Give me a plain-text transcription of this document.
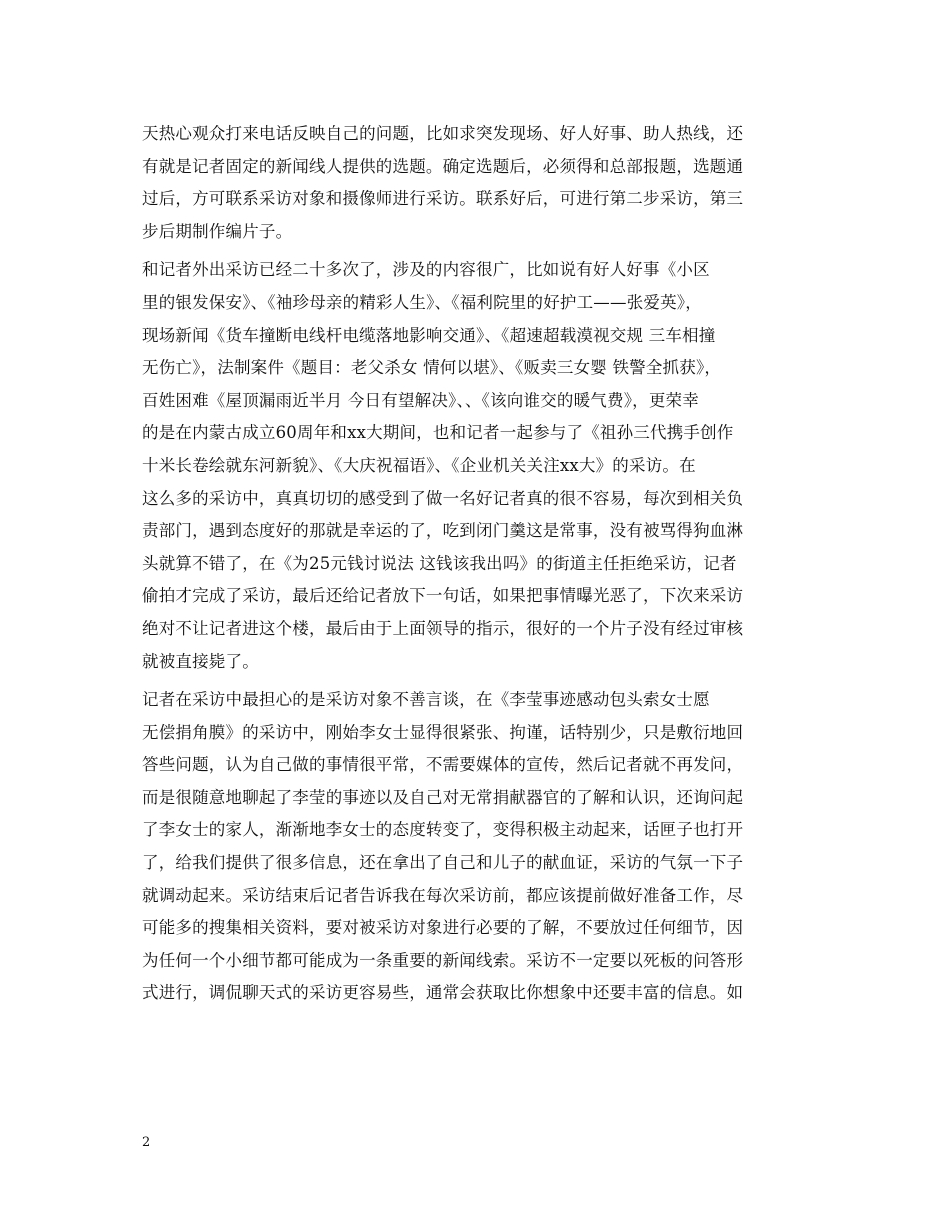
天热心观众打来电话反映自己的问题，比如求突发现场、好人好事、助人热线，还
有就是记者固定的新闻线人提供的选题。确定选题后，必须得和总部报题，选题通
过后，方可联系采访对象和摄像师进行采访。联系好后，可进行第二步采访，第三
步后期制作编片子。
和记者外出采访已经二十多次了，涉及的内容很广，比如说有好人好事《小区
里的银发保安》、《袖珍母亲的精彩人生》、《福利院里的好护工——张爱英》，
现场新闻《货车撞断电线杆电缆落地影响交通》、《超速超载漠视交规 三车相撞
无伤亡》，法制案件《题目：老父杀女 情何以堪》、《贩卖三女婴 铁警全抓获》，
百姓困难《屋顶漏雨近半月 今日有望解决》、、《该向谁交的暖气费》，更荣幸
的是在内蒙古成立60周年和xx大期间，也和记者一起参与了《祖孙三代携手创作
十米长卷绘就东河新貌》、《大庆祝福语》、《企业机关关注xx大》的采访。在
这么多的采访中，真真切切的感受到了做一名好记者真的很不容易，每次到相关负
责部门，遇到态度好的那就是幸运的了，吃到闭门羹这是常事，没有被骂得狗血淋
头就算不错了，在《为25元钱讨说法 这钱该我出吗》的街道主任拒绝采访，记者
偷拍才完成了采访，最后还给记者放下一句话，如果把事情曝光恶了，下次来采访
绝对不让记者进这个楼，最后由于上面领导的指示，很好的一个片子没有经过审核
就被直接毙了。
记者在采访中最担心的是采访对象不善言谈，在《李莹事迹感动包头索女士愿
无偿捐角膜》的采访中，刚始李女士显得很紧张、拘谨，话特别少，只是敷衍地回
答些问题，认为自己做的事情很平常，不需要媒体的宣传，然后记者就不再发问，
而是很随意地聊起了李莹的事迹以及自己对无常捐献器官的了解和认识，还询问起
了李女士的家人，渐渐地李女士的态度转变了，变得积极主动起来，话匣子也打开
了，给我们提供了很多信息，还在拿出了自己和儿子的献血证，采访的气氛一下子
就调动起来。采访结束后记者告诉我在每次采访前，都应该提前做好准备工作，尽
可能多的搜集相关资料，要对被采访对象进行必要的了解，不要放过任何细节，因
为任何一个小细节都可能成为一条重要的新闻线索。采访不一定要以死板的问答形
式进行，调侃聊天式的采访更容易些，通常会获取比你想象中还要丰富的信息。如
2
